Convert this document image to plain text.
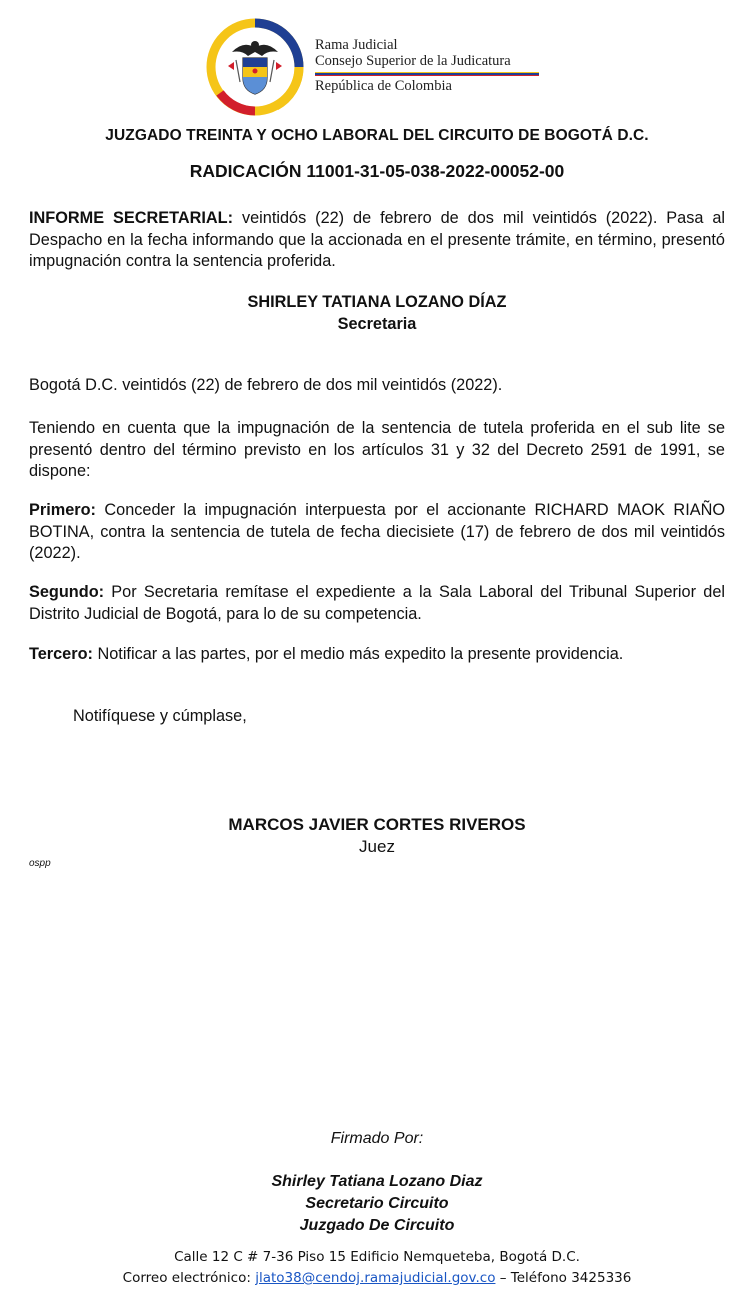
Rama Judicial
Consejo Superior de la Judicatura
República de Colombia
JUZGADO TREINTA Y OCHO LABORAL DEL CIRCUITO DE BOGOTÁ D.C.
RADICACIÓN 11001-31-05-038-2022-00052-00
INFORME SECRETARIAL: veintidós (22) de febrero de dos mil veintidós (2022). Pasa al Despacho en la fecha informando que la accionada en el presente trámite, en término, presentó impugnación contra la sentencia proferida.
SHIRLEY TATIANA LOZANO DÍAZ
Secretaria
Bogotá D.C. veintidós (22) de febrero de dos mil veintidós (2022).
Teniendo en cuenta que la impugnación de la sentencia de tutela proferida en el sub lite se presentó dentro del término previsto en los artículos 31 y 32 del Decreto 2591 de 1991, se dispone:
Primero: Conceder la impugnación interpuesta por el accionante RICHARD MAOK RIAÑO BOTINA, contra la sentencia de tutela de fecha diecisiete (17) de febrero de dos mil veintidós (2022).
Segundo: Por Secretaria remítase el expediente a la Sala Laboral del Tribunal Superior del Distrito Judicial de Bogotá, para lo de su competencia.
Tercero: Notificar a las partes, por el medio más expedito la presente providencia.
Notifíquese y cúmplase,
MARCOS JAVIER CORTES RIVEROS
Juez
ospp
Firmado Por:
Shirley Tatiana Lozano Diaz
Secretario Circuito
Juzgado De Circuito
Calle 12 C # 7-36 Piso 15 Edificio Nemqueteba, Bogotá D.C.
Correo electrónico: jlato38@cendoj.ramajudicial.gov.co – Teléfono 3425336
